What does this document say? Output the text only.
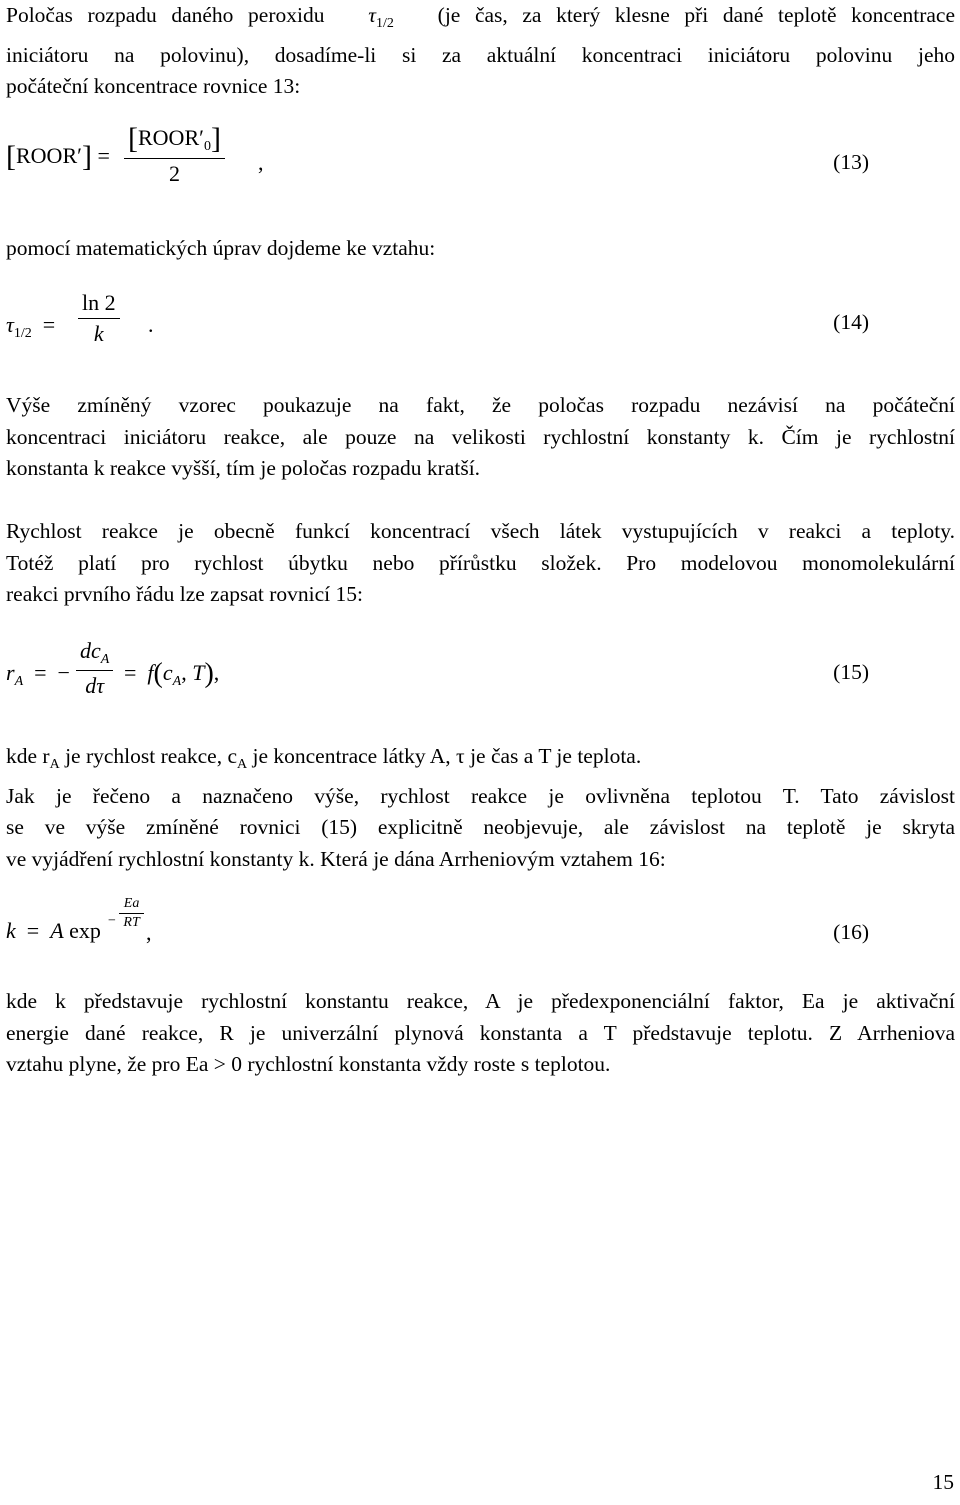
Poločas rozpadu daného peroxidu $\tau_{1/2}$ (je čas, za který klesne při dané teplotě koncentrace
iniciátoru na polovinu), dosadíme-li si za aktuální koncentraci iniciátoru polovinu jeho
počáteční koncentrace rovnice 13:
[ROOR′] = $\frac{[ROOR'_0]}{2}$ ,	(13)
pomocí matematických úprav dojdeme ke vztahu:
$\tau_{1/2} = \frac{\ln 2}{k}$ .	(14)
Výše zmíněný vzorec poukazuje na fakt, že poločas rozpadu nezávisí na počáteční
koncentraci iniciátoru reakce, ale pouze na velikosti rychlostní konstanty k. Čím je rychlostní
konstanta k reakce vyšší, tím je poločas rozpadu kratší.
Rychlost reakce je obecně funkcí koncentrací všech látek vystupujících v reakci a teploty.
Totéž platí pro rychlost úbytku nebo přírůstku složek. Pro modelovou monomolekulární
reakci prvního řádu lze zapsat rovnicí 15:
$r_A$ = − $\frac{dc_A}{d\tau} = f(c_A$, T),	(15)
kde $r_A$ je rychlost reakce, $c_A$ je koncentrace látky A, τ je čas a T je teplota.
Jak je řečeno a naznačeno výše, rychlost reakce je ovlivněna teplotou T. Tato závislost
se ve výše zmíněné rovnici (15) explicitně neobjevuje, ale závislost na teplotě je skryta
ve vyjádření rychlostní konstanty k. Která je dána Arrheniovým vztahem 16:
k = A $\exp - \frac{Ea}{RT}$
,	(16)
kde k představuje rychlostní konstantu reakce, A je předexponenciální faktor, Ea je aktivační
energie dané reakce, R je univerzální plynová konstanta a T představuje teplotu. Z Arrheniova
vztahu plyne, že pro Ea > 0 rychlostní konstanta vždy roste s teplotou.
15
